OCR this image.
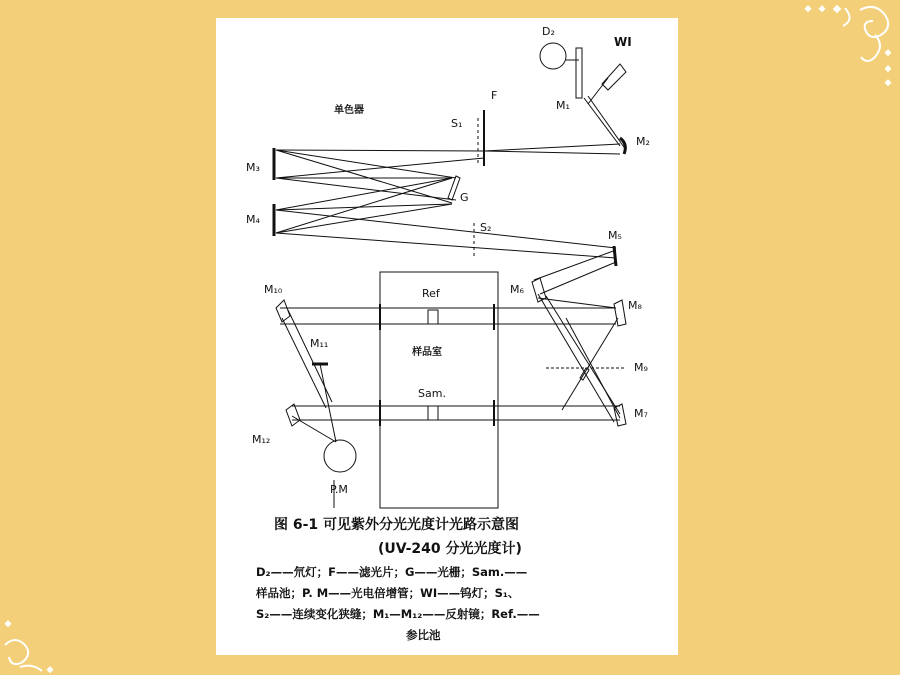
D₂
WI
M₁
M₂
F
S₁
单色器
M₃
G
M₄
S₂
M₅
M₆
M₁₀	Ref
M₈
M₁₁
样品室
M₉
Sam.
M₇
M₁₂
P.M
图 6-1 可见紫外分光光度计光路示意图
(UV-240 分光光度计)
D₂——氘灯；F——滤光片；G——光栅；Sam.——
样品池；P. M——光电倍增管；WI——钨灯；S₁、
S₂——连续变化狭缝；M₁—M₁₂——反射镜；Ref.——
参比池
